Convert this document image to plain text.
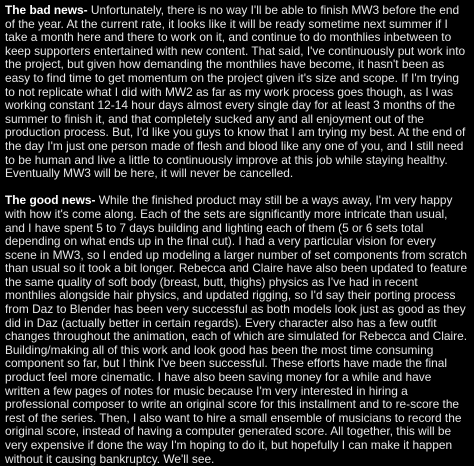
The bad news- Unfortunately, there is no way I'll be able to finish MW3 before the end of the year. At the current rate, it looks like it will be ready sometime next summer if I take a month here and there to work on it, and continue to do monthlies inbetween to keep supporters entertained with new content. That said, I've continuously put work into the project, but given how demanding the monthlies have become, it hasn't been as easy to find time to get momentum on the project given it's size and scope. If I'm trying to not replicate what I did with MW2 as far as my work process goes though, as I was working constant 12-14 hour days almost every single day for at least 3 months of the summer to finish it, and that completely sucked any and all enjoyment out of the production process. But, I'd like you guys to know that I am trying my best. At the end of the day I'm just one person made of flesh and blood like any one of you, and I still need to be human and live a little to continuously improve at this job while staying healthy. Eventually MW3 will be here, it will never be cancelled.

The good news- While the finished product may still be a ways away, I'm very happy with how it's come along. Each of the sets are significantly more intricate than usual, and I have spent 5 to 7 days building and lighting each of them (5 or 6 sets total depending on what ends up in the final cut). I had a very particular vision for every scene in MW3, so I ended up modeling a larger number of set components from scratch than usual so it took a bit longer. Rebecca and Claire have also been updated to feature the same quality of soft body (breast, butt, thighs) physics as I've had in recent monthlies alongside hair physics, and updated rigging, so I'd say their porting process from Daz to Blender has been very successful as both models look just as good as they did in Daz (actually better in certain regards). Every character also has a few outfit changes throughout the animation, each of which are simulated for Rebecca and Claire. Building/making all of this work and look good has been the most time consuming component so far, but I think I've been successful. These efforts have made the final product feel more cinematic. I have also been saving money for a while and have written a few pages of notes for music because I'm very interested in hiring a professional composer to write an original score for this installment and to re-score the rest of the series. Then, I also want to hire a small ensemble of musicians to record the original score, instead of having a computer generated score. All together, this will be very expensive if done the way I'm hoping to do it, but hopefully I can make it happen without it causing bankruptcy. We'll see.
